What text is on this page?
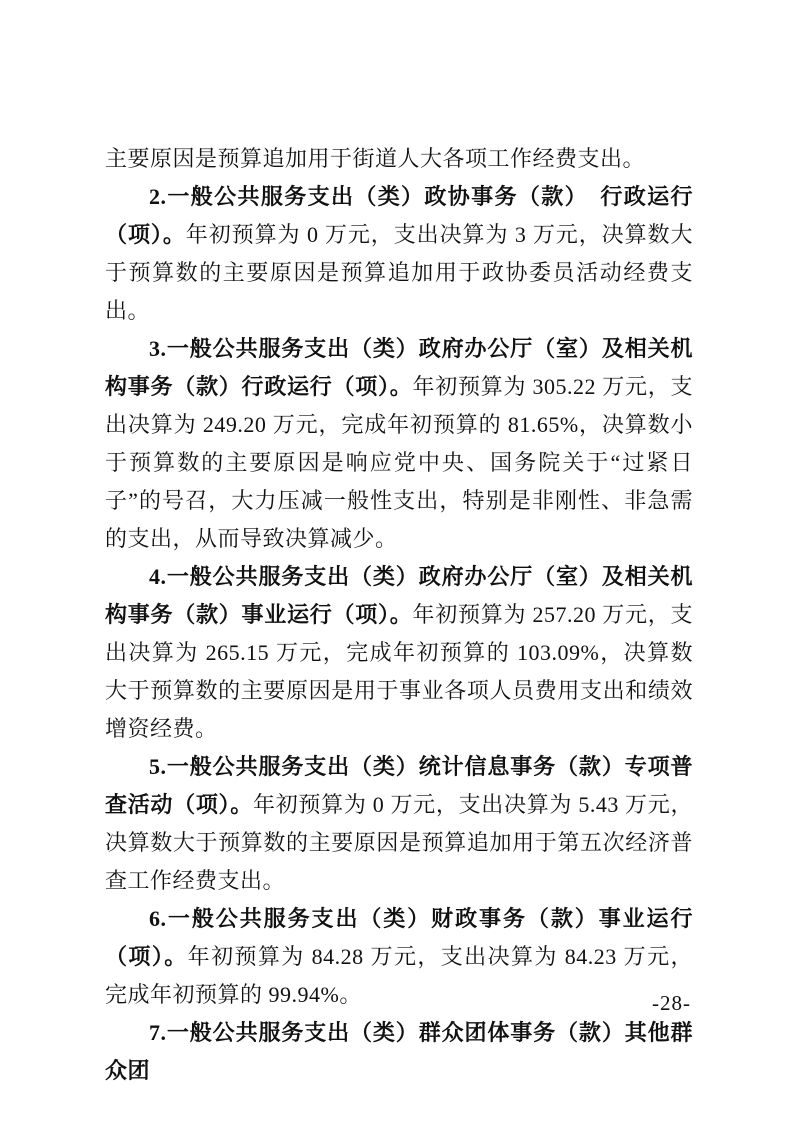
主要原因是预算追加用于街道人大各项工作经费支出。

2.一般公共服务支出（类）政协事务（款）　行政运行（项）。年初预算为 0 万元，支出决算为 3 万元，决算数大于预算数的主要原因是预算追加用于政协委员活动经费支出。

3.一般公共服务支出（类）政府办公厅（室）及相关机构事务（款）行政运行（项）。年初预算为 305.22 万元，支出决算为 249.20 万元，完成年初预算的 81.65%，决算数小于预算数的主要原因是响应党中央、国务院关于“过紧日子”的号召，大力压减一般性支出，特别是非刚性、非急需的支出，从而导致决算减少。

4.一般公共服务支出（类）政府办公厅（室）及相关机构事务（款）事业运行（项）。年初预算为 257.20 万元，支出决算为 265.15 万元，完成年初预算的 103.09%，决算数大于预算数的主要原因是用于事业各项人员费用支出和绩效增资经费。

5.一般公共服务支出（类）统计信息事务（款）专项普查活动（项）。年初预算为 0 万元，支出决算为 5.43 万元，决算数大于预算数的主要原因是预算追加用于第五次经济普查工作经费支出。

6.一般公共服务支出（类）财政事务（款）事业运行（项）。年初预算为 84.28 万元，支出决算为 84.23 万元，完成年初预算的 99.94%。

7.一般公共服务支出（类）群众团体事务（款）其他群众团

-28-
